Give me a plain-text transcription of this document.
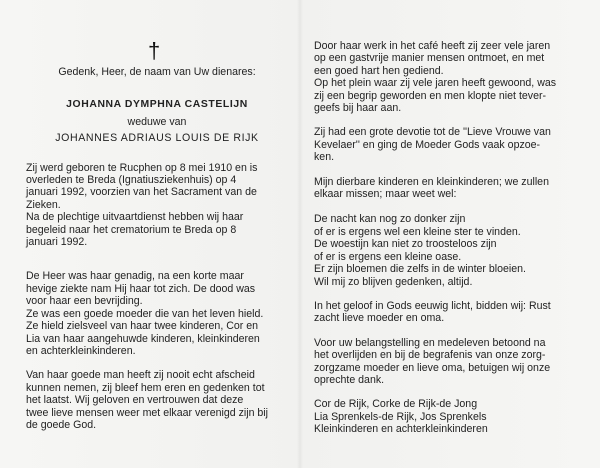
†

Gedenk, Heer, de naam van Uw dienares:

JOHANNA DYMPHNA CASTELIJN

weduwe van

JOHANNES ADRIAUS LOUIS DE RIJK

Zij werd geboren te Rucphen op 8 mei 1910 en is
overleden te Breda (Ignatiusziekenhuis) op 4
januari 1992, voorzien van het Sacrament van de
Zieken.
Na de plechtige uitvaartdienst hebben wij haar
begeleid naar het crematorium te Breda op 8
januari 1992.
De Heer was haar genadig, na een korte maar
hevige ziekte nam Hij haar tot zich. De dood was
voor haar een bevrijding.
Ze was een goede moeder die van het leven hield.
Ze hield zielsveel van haar twee kinderen, Cor en
Lia van haar aangehuwde kinderen, kleinkinderen
en achterkleinkinderen.
Van haar goede man heeft zij nooit echt afscheid
kunnen nemen, zij bleef hem eren en gedenken tot
het laatst. Wij geloven en vertrouwen dat deze
twee lieve mensen weer met elkaar verenigd zijn bij
de goede God.
Door haar werk in het café heeft zij zeer vele jaren
op een gastvrije manier mensen ontmoet, en met
een goed hart hen gediend.
Op het plein waar zij vele jaren heeft gewoond, was
zij een begrip geworden en men klopte niet tever-
geefs bij haar aan.
Zij had een grote devotie tot de ''Lieve Vrouwe van
Kevelaer'' en ging de Moeder Gods vaak opzoe-
ken.
Mijn dierbare kinderen en kleinkinderen; we zullen
elkaar missen; maar weet wel:
De nacht kan nog zo donker zijn
of er is ergens wel een kleine ster te vinden.
De woestijn kan niet zo troosteloos zijn
of er is ergens een kleine oase.
Er zijn bloemen die zelfs in de winter bloeien.
Wil mij zo blijven gedenken, altijd.
In het geloof in Gods eeuwig licht, bidden wij: Rust
zacht lieve moeder en oma.
Voor uw belangstelling en medeleven betoond na
het overlijden en bij de begrafenis van onze zorg-
zorgzame moeder en lieve oma, betuigen wij onze
oprechte dank.
Cor de Rijk, Corke de Rijk-de Jong
Lia Sprenkels-de Rijk, Jos Sprenkels
Kleinkinderen en achterkleinkinderen
